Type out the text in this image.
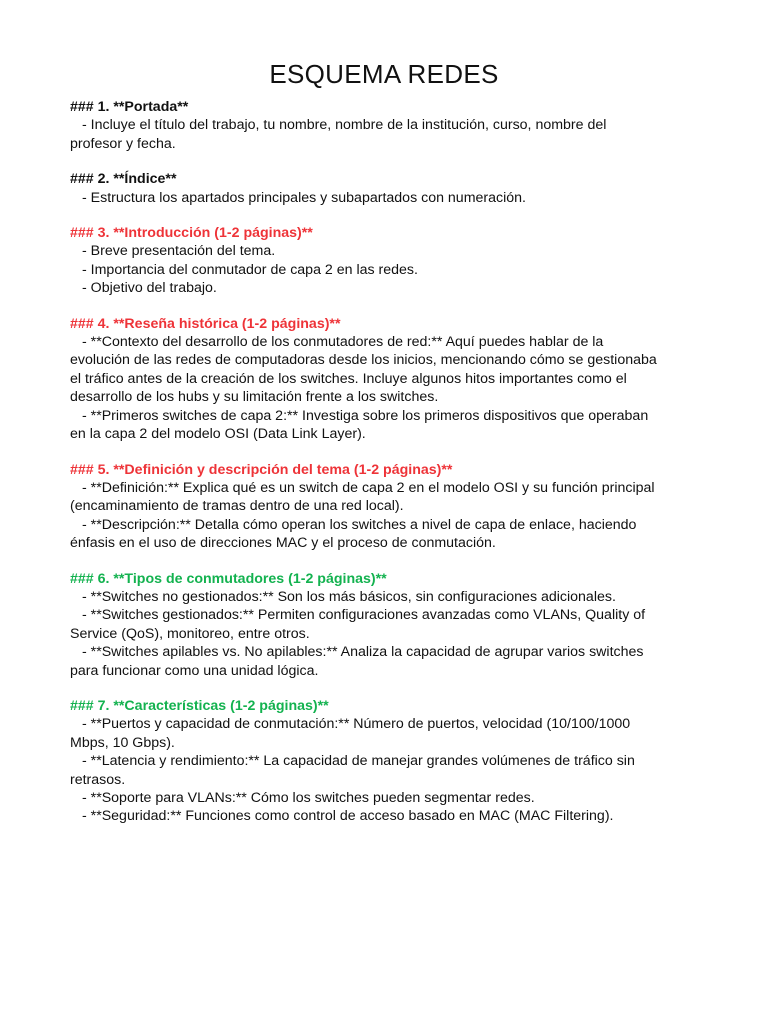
ESQUEMA REDES

### 1. **Portada**

- Incluye el título del trabajo, tu nombre, nombre de la institución, curso, nombre del

profesor y fecha.

### 2. **Índice**

- Estructura los apartados principales y subapartados con numeración.

### 3. **Introducción (1-2 páginas)**

- Breve presentación del tema.

- Importancia del conmutador de capa 2 en las redes.

- Objetivo del trabajo.

### 4. **Reseña histórica (1-2 páginas)**

- **Contexto del desarrollo de los conmutadores de red:** Aquí puedes hablar de la

evolución de las redes de computadoras desde los inicios, mencionando cómo se gestionaba

el tráfico antes de la creación de los switches. Incluye algunos hitos importantes como el

desarrollo de los hubs y su limitación frente a los switches.

- **Primeros switches de capa 2:** Investiga sobre los primeros dispositivos que operaban

en la capa 2 del modelo OSI (Data Link Layer).

### 5. **Definición y descripción del tema (1-2 páginas)**

- **Definición:** Explica qué es un switch de capa 2 en el modelo OSI y su función principal

(encaminamiento de tramas dentro de una red local).

- **Descripción:** Detalla cómo operan los switches a nivel de capa de enlace, haciendo

énfasis en el uso de direcciones MAC y el proceso de conmutación.

### 6. **Tipos de conmutadores (1-2 páginas)**

- **Switches no gestionados:** Son los más básicos, sin configuraciones adicionales.

- **Switches gestionados:** Permiten configuraciones avanzadas como VLANs, Quality of

Service (QoS), monitoreo, entre otros.

- **Switches apilables vs. No apilables:** Analiza la capacidad de agrupar varios switches

para funcionar como una unidad lógica.

### 7. **Características (1-2 páginas)**

- **Puertos y capacidad de conmutación:** Número de puertos, velocidad (10/100/1000

Mbps, 10 Gbps).

- **Latencia y rendimiento:** La capacidad de manejar grandes volúmenes de tráfico sin

retrasos.

- **Soporte para VLANs:** Cómo los switches pueden segmentar redes.

- **Seguridad:** Funciones como control de acceso basado en MAC (MAC Filtering).
